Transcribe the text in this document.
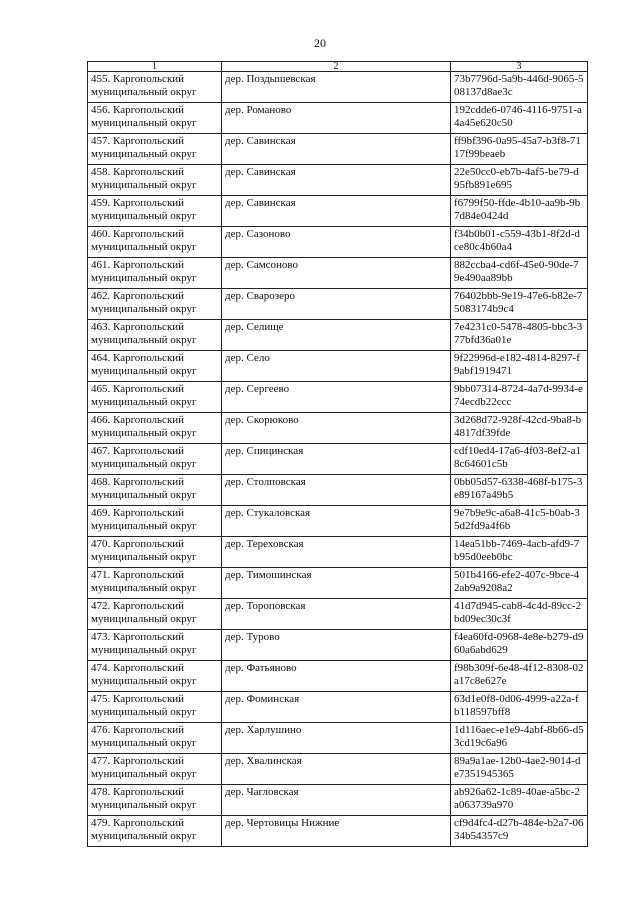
20
1	2	3
455. Каргопольский муниципальный округ	дер. Поздышевская	73b7796d-5a9b-446d-9065-508137d8ae3c
456. Каргопольский муниципальный округ	дер. Романово	192cdde6-0746-4116-9751-a4a45e620c50
457. Каргопольский муниципальный округ	дер. Савинская	ff9bf396-0a95-45a7-b3f8-7117f99beaeb
458. Каргопольский муниципальный округ	дер. Савинская	22e50cc0-eb7b-4af5-be79-d95fb891e695
459. Каргопольский муниципальный округ	дер. Савинская	f6799f50-ffde-4b10-aa9b-9b7d84e0424d
460. Каргопольский муниципальный округ	дер. Сазоново	f34b0b01-c559-43b1-8f2d-dce80c4b60a4
461. Каргопольский муниципальный округ	дер. Самсоново	882ccba4-cd6f-45e0-90de-79e490aa89bb
462. Каргопольский муниципальный округ	дер. Сварозеро	76402bbb-9e19-47e6-b82e-75083174b9c4
463. Каргопольский муниципальный округ	дер. Селище	7e4231c0-5478-4805-bbc3-377bfd36a01e
464. Каргопольский муниципальный округ	дер. Село	9f22996d-e182-4814-8297-f9abf1919471
465. Каргопольский муниципальный округ	дер. Сергеево	9bb07314-8724-4a7d-9934-e74ecdb22ccc
466. Каргопольский муниципальный округ	дер. Скорюково	3d268d72-928f-42cd-9ba8-b4817df39fde
467. Каргопольский муниципальный округ	дер. Спицинская	cdf10ed4-17a6-4f03-8ef2-a18c64601c5b
468. Каргопольский муниципальный округ	дер. Столповская	0bb05d57-6338-468f-b175-3e89167a49b5
469. Каргопольский муниципальный округ	дер. Стукаловская	9e7b9e9c-a6a8-41c5-b0ab-35d2fd9a4f6b
470. Каргопольский муниципальный округ	дер. Тереховская	14ea51bb-7469-4acb-afd9-7b95d0eeb0bc
471. Каргопольский муниципальный округ	дер. Тимошинская	501b4166-efe2-407c-9bce-42ab9a9208a2
472. Каргопольский муниципальный округ	дер. Тороповская	41d7d945-cab8-4c4d-89cc-2bd09ec30c3f
473. Каргопольский муниципальный округ	дер. Турово	f4ea60fd-0968-4e8e-b279-d960a6abd629
474. Каргопольский муниципальный округ	дер. Фатьяново	f98b309f-6e48-4f12-8308-02a17c8e627e
475. Каргопольский муниципальный округ	дер. Фоминская	63d1e0f8-0d06-4999-a22a-fb118597bff8
476. Каргопольский муниципальный округ	дер. Харлушино	1d116aec-e1e9-4abf-8b66-d53cd19c6a96
477. Каргопольский муниципальный округ	дер. Хвалинская	89a9a1ae-12b0-4ae2-9014-de7351945365
478. Каргопольский муниципальный округ	дер. Чагловская	ab926a62-1c89-40ae-a5bc-2a063739a970
479. Каргопольский муниципальный округ	дер. Чертовицы Нижние	cf9d4fc4-d27b-484e-b2a7-0634b54357c9
